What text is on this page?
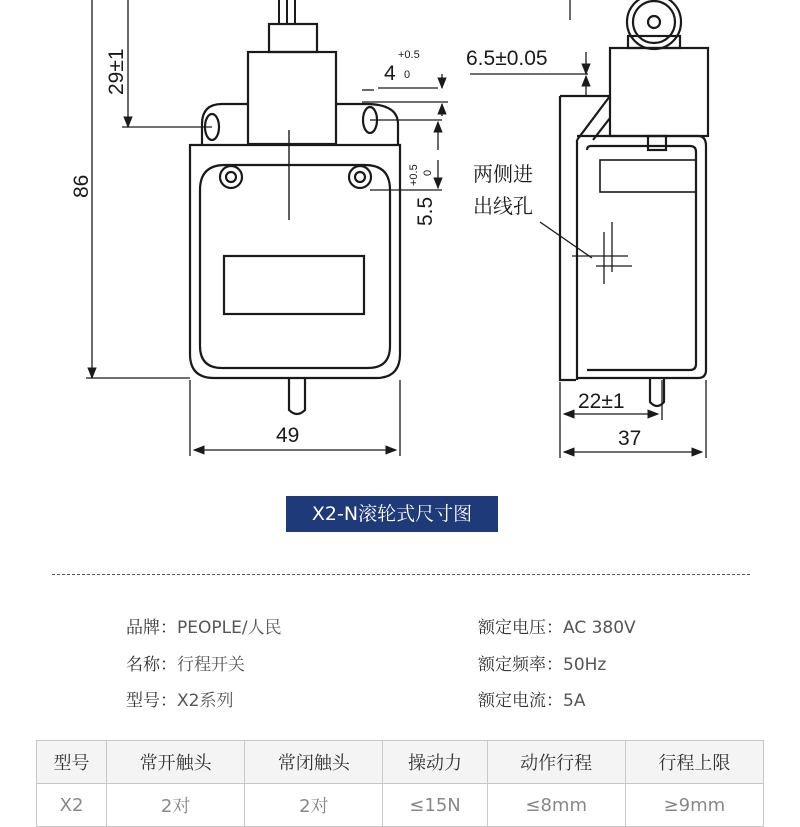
29±1
86
4
+0.5
0
5.5
+0.5 0
6.5±0.05
两侧进
出线孔
49
22±1
37
X2-N滚轮式尺寸图
品牌：PEOPLE/人民
名称：行程开关
型号：X2系列
额定电压：AC 380V
额定频率：50Hz
额定电流：5A
型号	常开触头	常闭触头	操动力	动作行程	行程上限
X2	2对	2对	≤15N	≤8mm	≥9mm
